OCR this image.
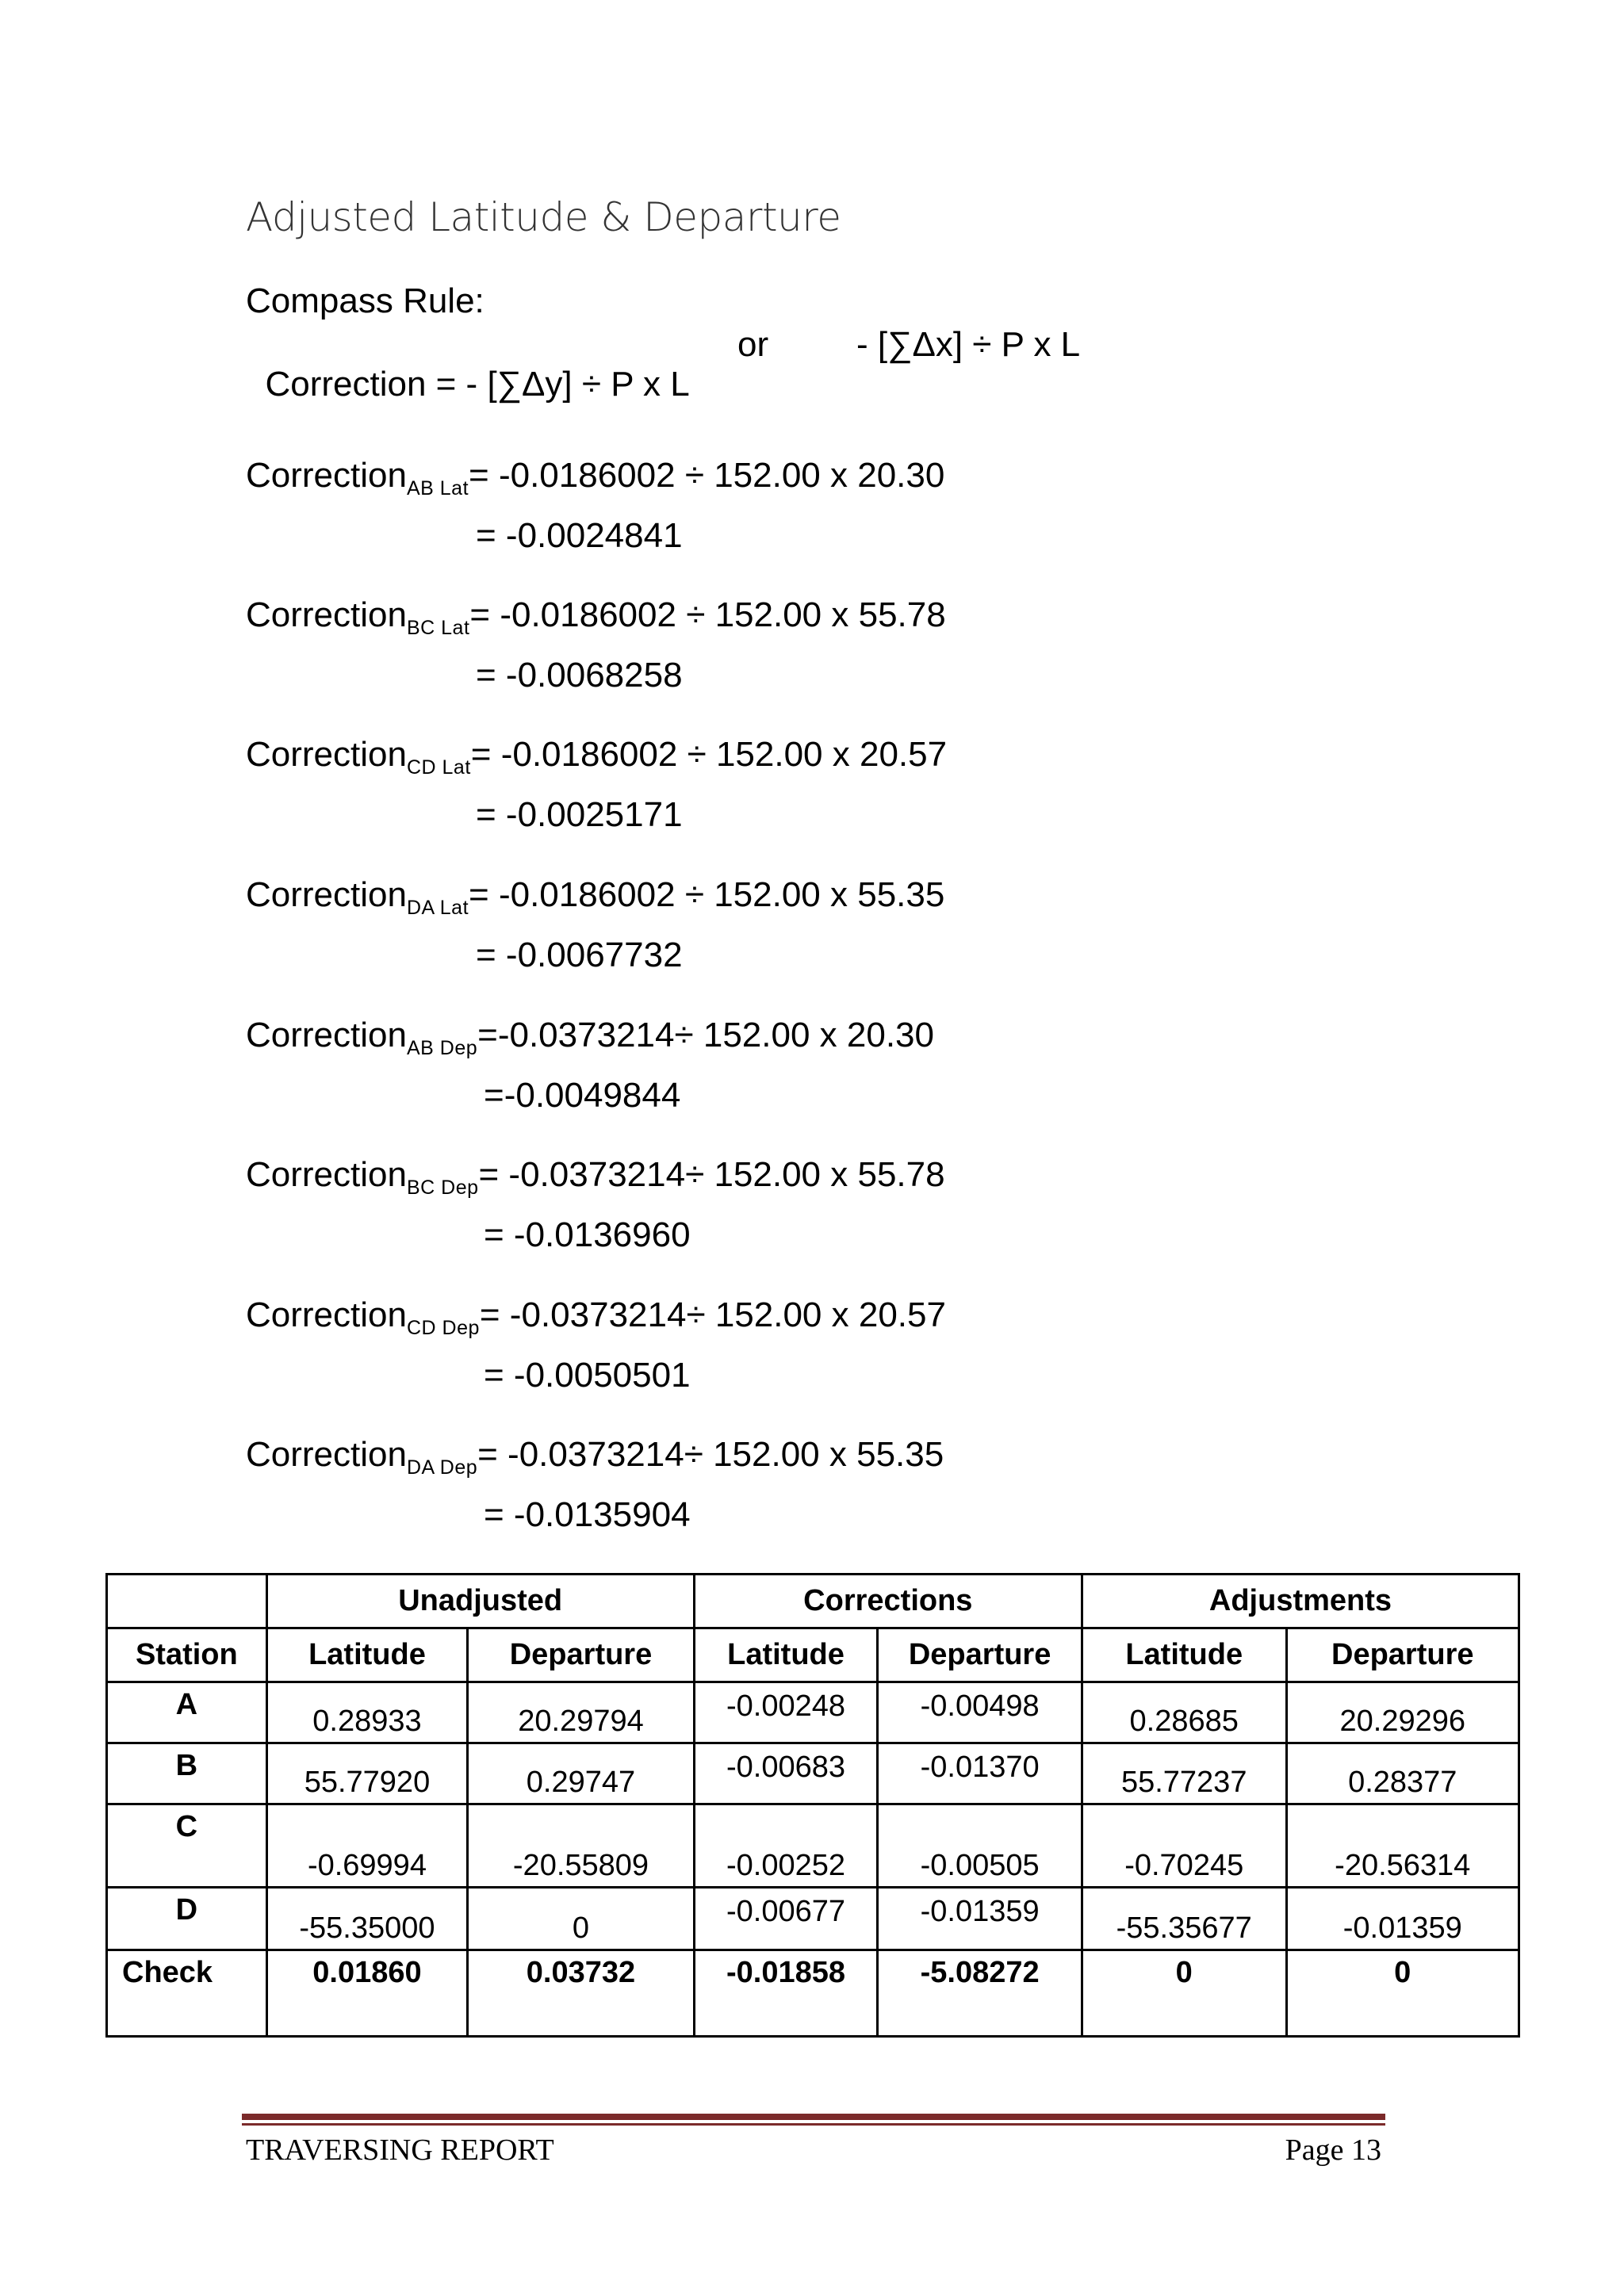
Adjusted Latitude & Departure
Compass Rule:

Correction = - [∑Δy] ÷ P x L

or

	- [∑Δx] ÷ P x L

Correction$_{AB Lat}$= -0.0186002 ÷ 152.00 x 20.30
= -0.0024841
Correction$_{BC Lat}$= -0.0186002 ÷ 152.00 x 55.78
= -0.0068258
Correction$_{CD Lat}$= -0.0186002 ÷ 152.00 x 20.57
= -0.0025171
Correction$_{DA Lat}$= -0.0186002 ÷ 152.00 x 55.35
= -0.0067732
Correction$_{AB Dep}$=-0.0373214÷ 152.00 x 20.30
=-0.0049844
Correction$_{BC Dep}$= -0.0373214÷ 152.00 x 55.78
= -0.0136960
Correction$_{CD Dep}$= -0.0373214÷ 152.00 x 20.57
= -0.0050501
Correction$_{DA Dep}$= -0.0373214÷ 152.00 x 55.35
= -0.0135904
	Unadjusted		Corrections		Adjustments	
Station	Latitude	Departure	Latitude	Departure	Latitude	Departure
A	0.28933	20.29794	-0.00248	-0.00498	0.28685	20.29296
B	55.77920	0.29747	-0.00683	-0.01370	55.77237	0.28377
C	-0.69994	-20.55809	-0.00252	-0.00505	-0.70245	-20.56314
D	-55.35000	0	-0.00677	-0.01359	-55.35677	-0.01359
Check	0.01860	0.03732	-0.01858	-5.08272	0	0
TRAVERSING REPORT	Page 13
